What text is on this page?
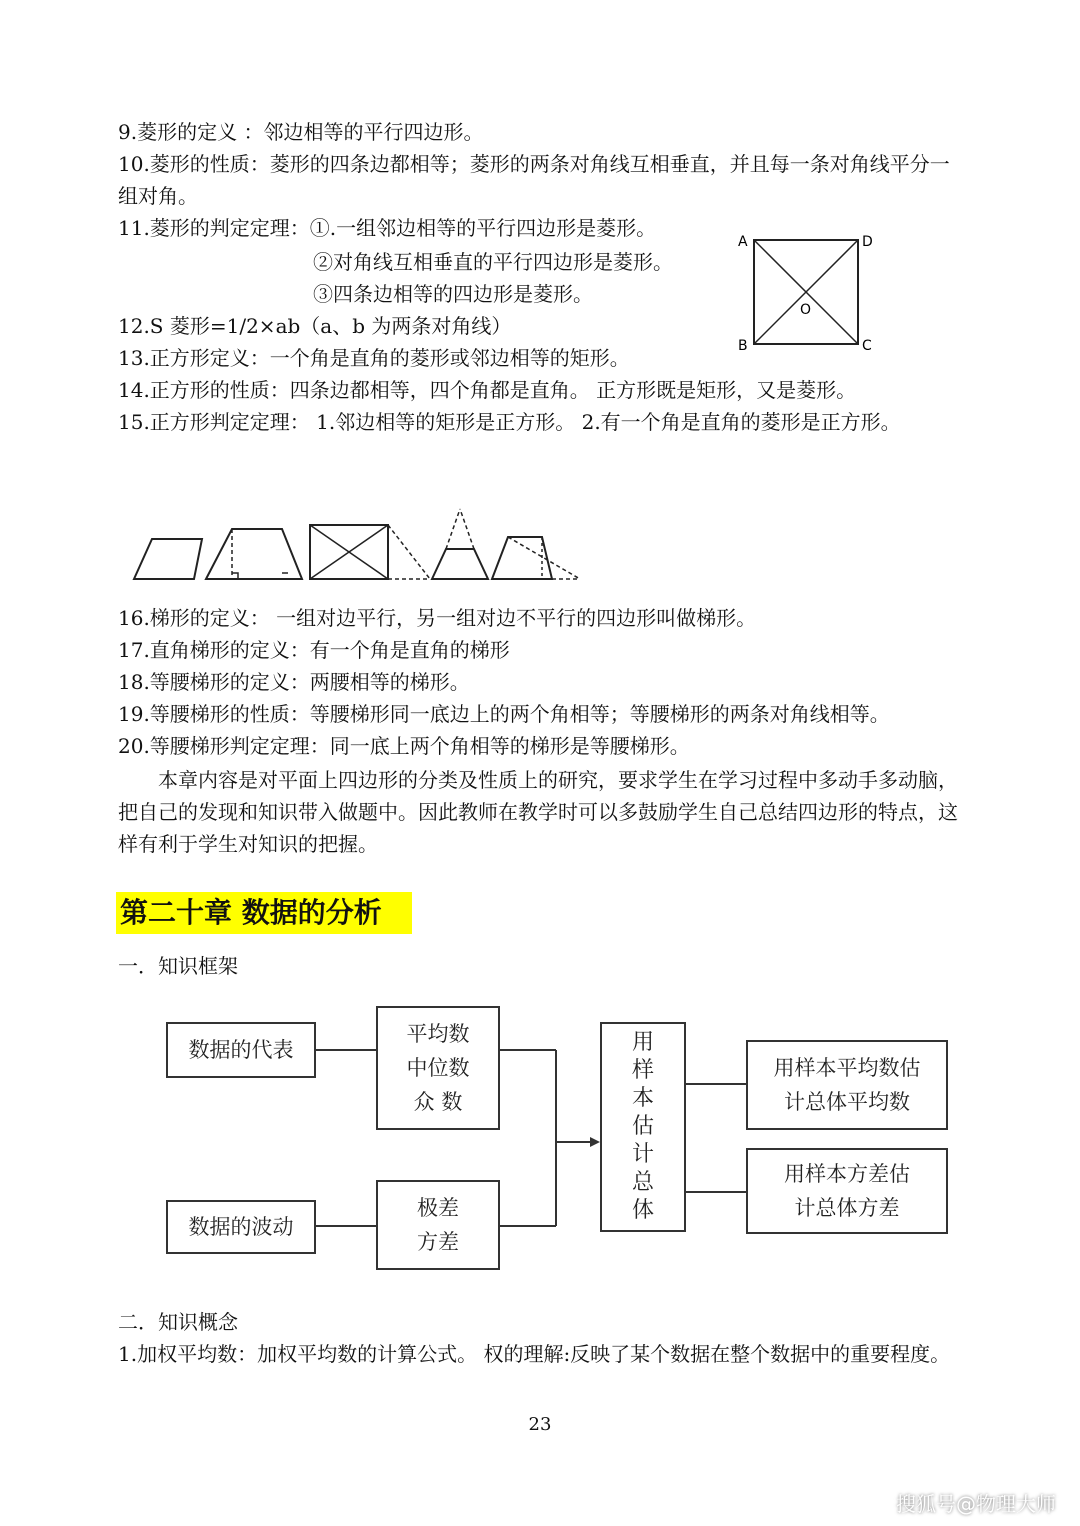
9.菱形的定义 ：邻边相等的平行四边形。
10.菱形的性质：菱形的四条边都相等；菱形的两条对角线互相垂直，并且每一条对角线平分一组对角。
11.菱形的判定定理：①.一组邻边相等的平行四边形是菱形。
②对角线互相垂直的平行四边形是菱形。
③四条边相等的四边形是菱形。
12.S 菱形=1/2×ab（a、b 为两条对角线）
13.正方形定义：一个角是直角的菱形或邻边相等的矩形。
14.正方形的性质：四条边都相等，四个角都是直角。 正方形既是矩形，又是菱形。
15.正方形判定定理： 1.邻边相等的矩形是正方形。 2.有一个角是直角的菱形是正方形。
A	D
B	C
O
16.梯形的定义： 一组对边平行，另一组对边不平行的四边形叫做梯形。
17.直角梯形的定义：有一个角是直角的梯形
18.等腰梯形的定义：两腰相等的梯形。
19.等腰梯形的性质：等腰梯形同一底边上的两个角相等；等腰梯形的两条对角线相等。
20.等腰梯形判定定理：同一底上两个角相等的梯形是等腰梯形。
本章内容是对平面上四边形的分类及性质上的研究，要求学生在学习过程中多动手多动脑，把自己的发现和知识带入做题中。因此教师在教学时可以多鼓励学生自己总结四边形的特点，这样有利于学生对知识的把握。
第二十章 数据的分析
一．知识框架
数据的代表
平均数
中位数
众 数
数据的波动
极差
方差
用样本估计总体
用样本平均数估
计总体平均数
用样本方差估
计总体方差
二．知识概念
1.加权平均数：加权平均数的计算公式。 权的理解:反映了某个数据在整个数据中的重要程度。
23
搜狐号@物理大师
